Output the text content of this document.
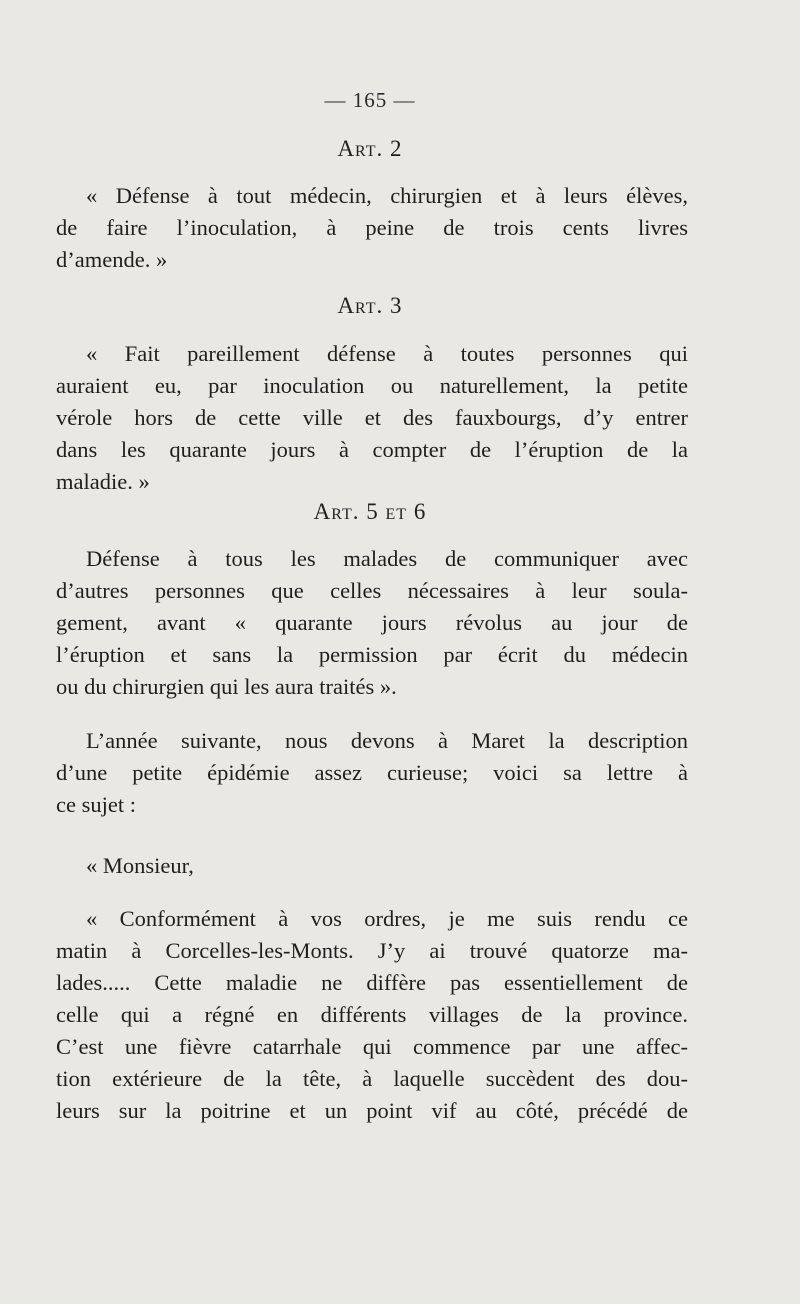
— 165 —
Art. 2
« Défense à tout médecin, chirurgien et à leurs élèves,
de faire l’inoculation, à peine de trois cents livres
d’amende. »
Art. 3
« Fait pareillement défense à toutes personnes qui
auraient eu, par inoculation ou naturellement, la petite
vérole hors de cette ville et des fauxbourgs, d’y entrer
dans les quarante jours à compter de l’éruption de la
maladie. »
Art. 5 et 6
Défense à tous les malades de communiquer avec
d’autres personnes que celles nécessaires à leur soula-
gement, avant « quarante jours révolus au jour de
l’éruption et sans la permission par écrit du médecin
ou du chirurgien qui les aura traités ».
L’année suivante, nous devons à Maret la description
d’une petite épidémie assez curieuse; voici sa lettre à
ce sujet :
« Monsieur,
« Conformément à vos ordres, je me suis rendu ce
matin à Corcelles-les-Monts. J’y ai trouvé quatorze ma-
lades..... Cette maladie ne diffère pas essentiellement de
celle qui a régné en différents villages de la province.
C’est une fièvre catarrhale qui commence par une affec-
tion extérieure de la tête, à laquelle succèdent des dou-
leurs sur la poitrine et un point vif au côté, précédé de
